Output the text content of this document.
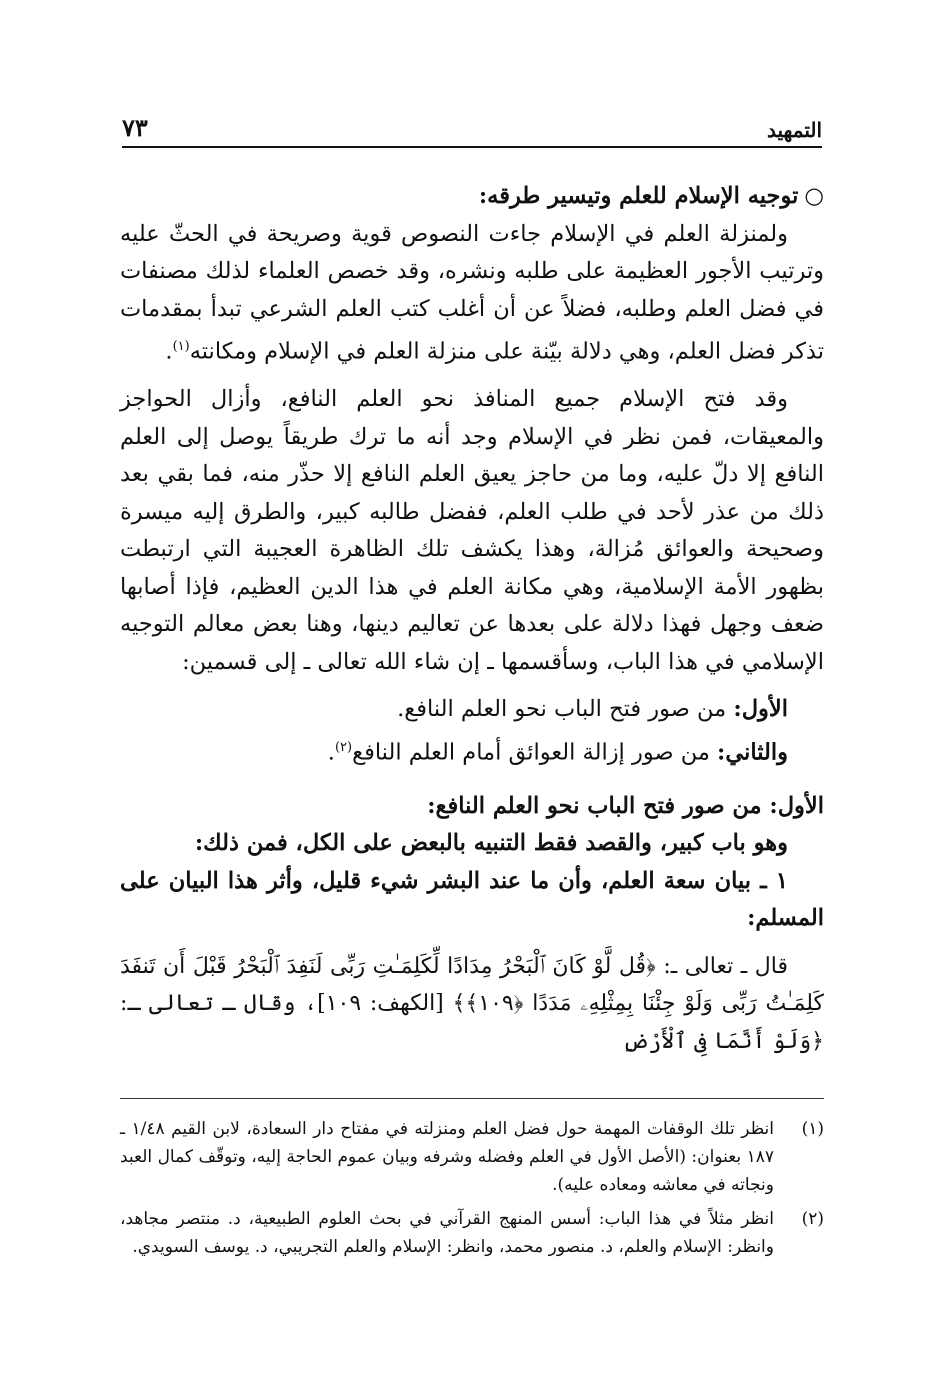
التمهيد
٧٣

○توجيه الإسلام للعلم وتيسير طرقه:

ولمنزلة العلم في الإسلام جاءت النصوص قوية وصريحة في الحثّ عليه وترتيب الأجور العظيمة على طلبه ونشره، وقد خصص العلماء لذلك مصنفات في فضل العلم وطلبه، فضلاً عن أن أغلب كتب العلم الشرعي تبدأ بمقدمات تذكر فضل العلم، وهي دلالة بيّنة على منزلة العلم في الإسلام ومكانته$^{(١)}$.

وقد فتح الإسلام جميع المنافذ نحو العلم النافع، وأزال الحواجز والمعيقات، فمن نظر في الإسلام وجد أنه ما ترك طريقاً يوصل إلى العلم النافع إلا دلّ عليه، وما من حاجز يعيق العلم النافع إلا حذّر منه، فما بقي بعد ذلك من عذر لأحد في طلب العلم، ففضل طالبه كبير، والطرق إليه ميسرة وصحيحة والعوائق مُزالة، وهذا يكشف تلك الظاهرة العجيبة التي ارتبطت بظهور الأمة الإسلامية، وهي مكانة العلم في هذا الدين العظيم، فإذا أصابها ضعف وجهل فهذا دلالة على بعدها عن تعاليم دينها، وهنا بعض معالم التوجيه الإسلامي في هذا الباب، وسأقسمها ـ إن شاء الله تعالى ـ إلى قسمين:

الأول: من صور فتح الباب نحو العلم النافع.

والثاني: من صور إزالة العوائق أمام العلم النافع$^{(٢)}$.

الأول: من صور فتح الباب نحو العلم النافع:

وهو باب كبير، والقصد فقط التنبيه بالبعض على الكل، فمن ذلك:

١ ـ بيان سعة العلم، وأن ما عند البشر شيء قليل، وأثر هذا البيان على المسلم:

قال ـ تعالى ـ: ﴿قُل لَّوْ كَانَ ٱلْبَحْرُ مِدَادًا لِّكَلِمَـٰتِ رَبِّى لَنَفِدَ ٱلْبَحْرُ قَبْلَ أَن تَنفَدَ كَلِمَـٰتُ رَبِّى وَلَوْ جِئْنَا بِمِثْلِهِۦ مَدَدًا ﴿١٠٩﴾﴾ [الكهف: ١٠٩]، وقال ـ تعالى ـ: ﴿وَلَوْ أَنَّمَا فِى ٱلْأَرْضِ

(١)
انظر تلك الوقفات المهمة حول فضل العلم ومنزلته في مفتاح دار السعادة، لابن القيم ١/٤٨ ـ ١٨٧ بعنوان: (الأصل الأول في العلم وفضله وشرفه وبيان عموم الحاجة إليه، وتوقّف كمال العبد ونجاته في معاشه ومعاده عليه).
(٢)
انظر مثلاً في هذا الباب: أسس المنهج القرآني في بحث العلوم الطبيعية، د. منتصر مجاهد، وانظر: الإسلام والعلم، د. منصور محمد، وانظر: الإسلام والعلم التجريبي، د. يوسف السويدي.
